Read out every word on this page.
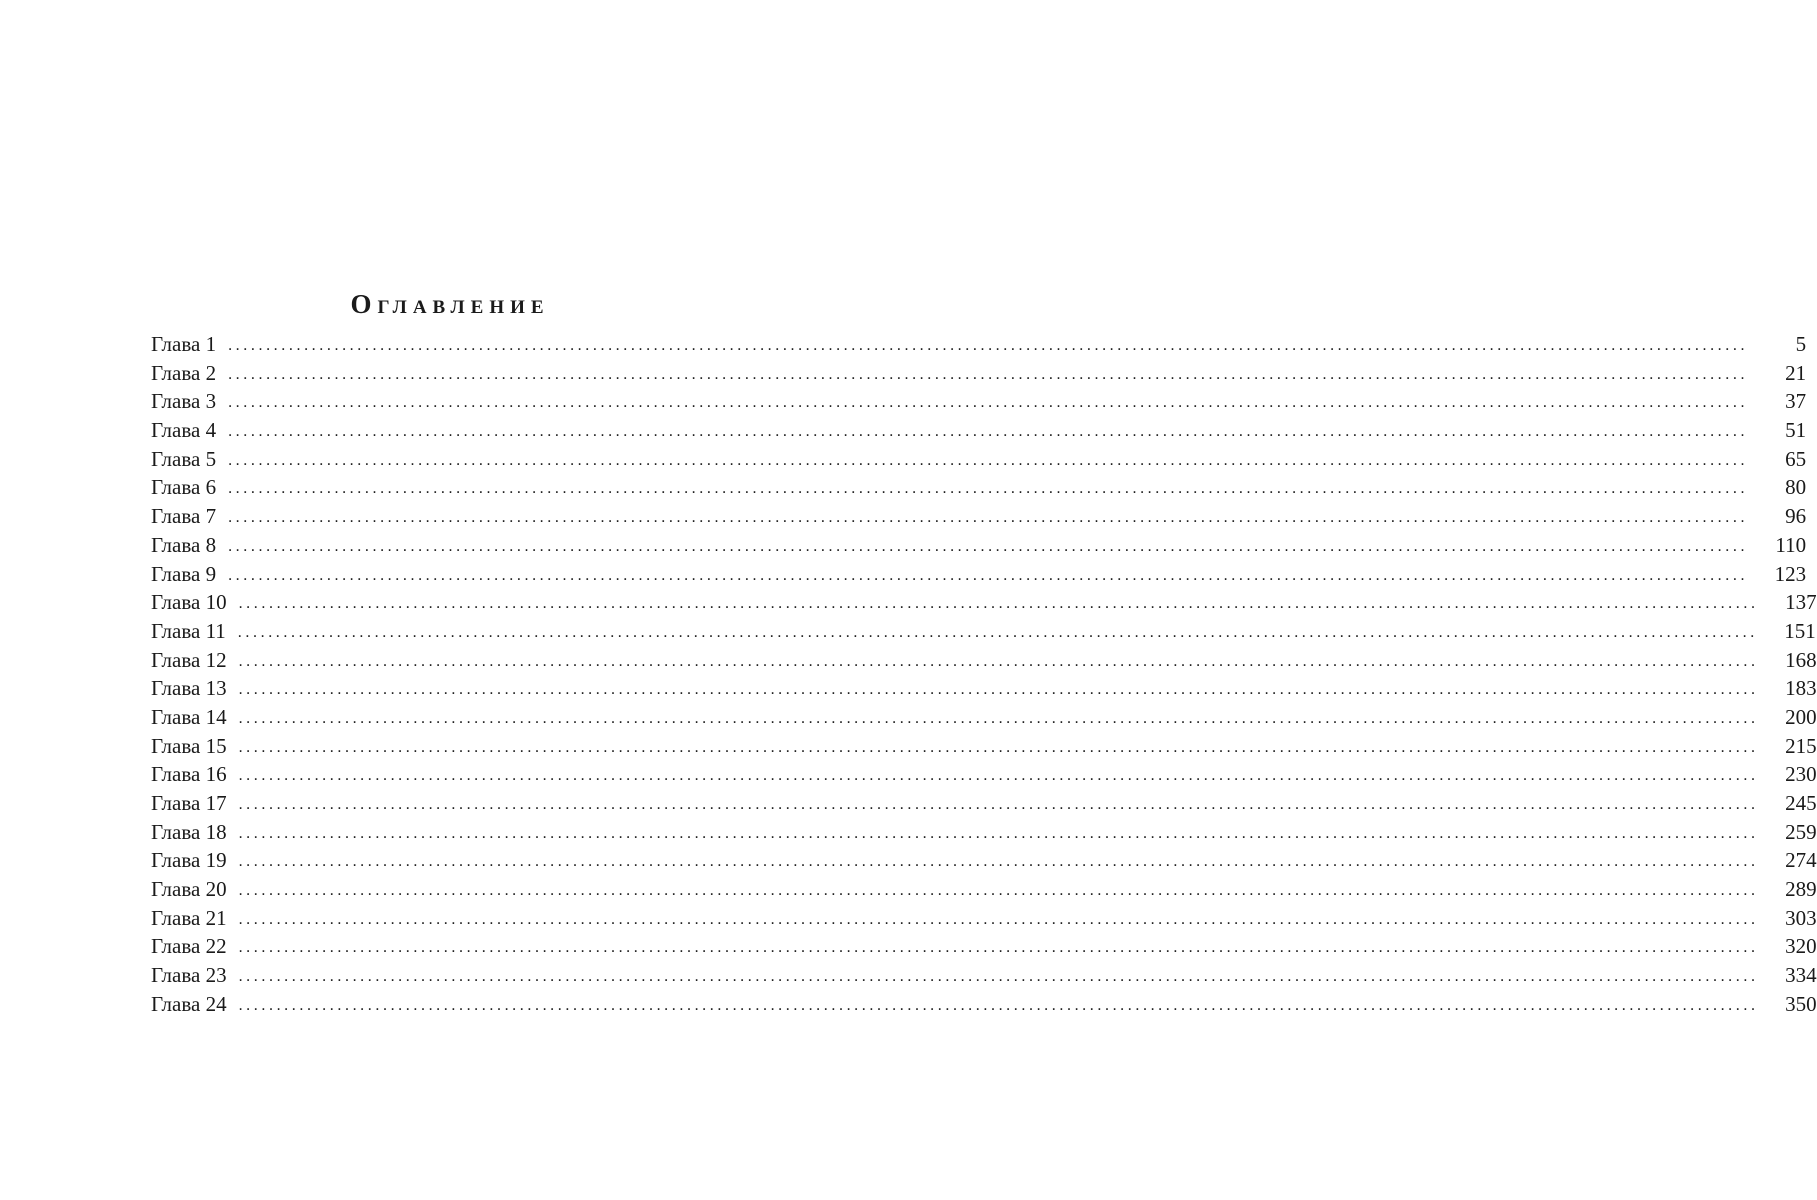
Оглавление
Глава 1 ........................................................................................................................................................................................................	5
Глава 2 ........................................................................................................................................................................................................	21
Глава 3 ........................................................................................................................................................................................................	37
Глава 4 ........................................................................................................................................................................................................	51
Глава 5 ........................................................................................................................................................................................................	65
Глава 6 ........................................................................................................................................................................................................	80
Глава 7 ........................................................................................................................................................................................................	96
Глава 8 ........................................................................................................................................................................................................	110
Глава 9 ........................................................................................................................................................................................................	123
Глава 10 ........................................................................................................................................................................................................	137
Глава 11 ........................................................................................................................................................................................................	151
Глава 12 ........................................................................................................................................................................................................	168
Глава 13 ........................................................................................................................................................................................................	183
Глава 14 ........................................................................................................................................................................................................	200
Глава 15 ........................................................................................................................................................................................................	215
Глава 16 ........................................................................................................................................................................................................	230
Глава 17 ........................................................................................................................................................................................................	245
Глава 18 ........................................................................................................................................................................................................	259
Глава 19 ........................................................................................................................................................................................................	274
Глава 20 ........................................................................................................................................................................................................	289
Глава 21 ........................................................................................................................................................................................................	303
Глава 22 ........................................................................................................................................................................................................	320
Глава 23 ........................................................................................................................................................................................................	334
Глава 24 ........................................................................................................................................................................................................	350
